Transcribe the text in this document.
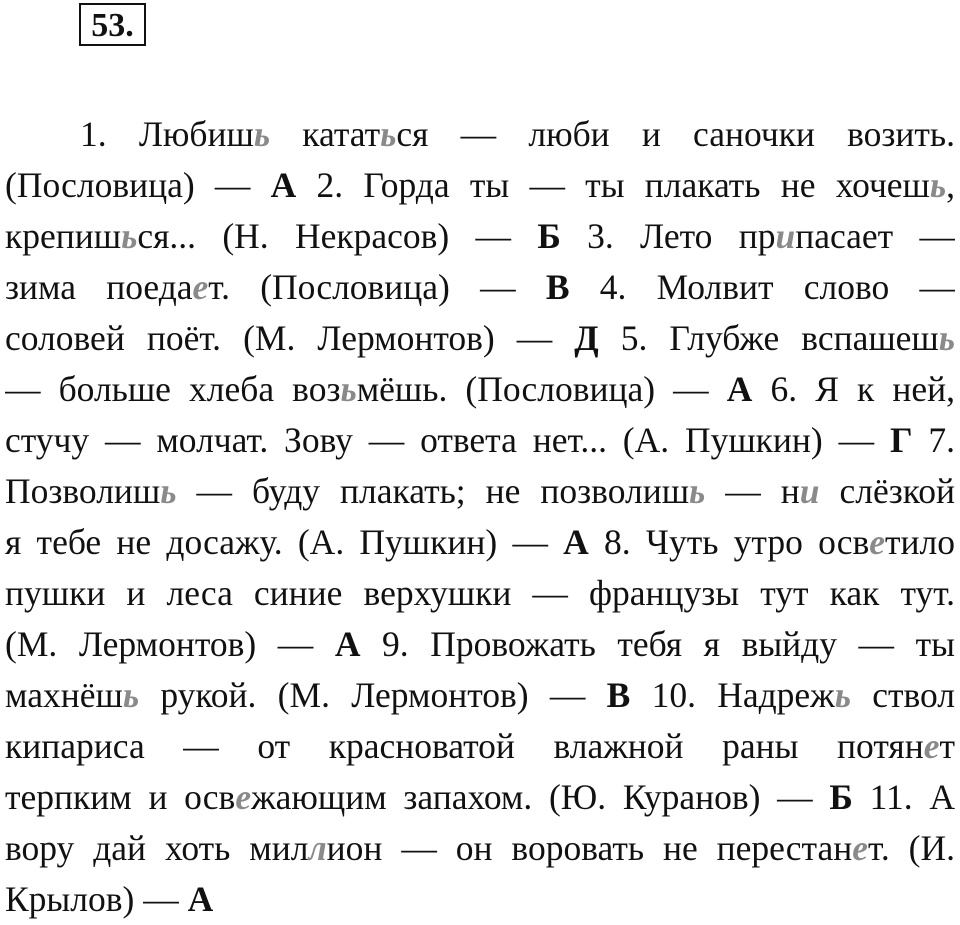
53.
1. Любишь кататься — люби и саночки возить.
(Пословица) — А 2. Горда ты — ты плакать не хочешь,
крепишься... (Н. Некрасов) — Б 3. Лето припасает —
зима поедает. (Пословица) — В 4. Молвит слово —
соловей поёт. (М. Лермонтов) — Д 5. Глубже вспашешь
— больше хлеба возьмёшь. (Пословица) — А 6. Я к ней,
стучу — молчат. Зову — ответа нет... (А. Пушкин) — Г 7.
Позволишь — буду плакать; не позволишь — ни слёзкой
я тебе не досажу. (А. Пушкин) — А 8. Чуть утро осветило
пушки и леса синие верхушки — французы тут как тут.
(М. Лермонтов) — А 9. Провожать тебя я выйду — ты
махнёшь рукой. (М. Лермонтов) — В 10. Надрежь ствол
кипариса — от красноватой влажной раны потянет
терпким и освежающим запахом. (Ю. Куранов) — Б 11. А
вору дай хоть миллион — он воровать не перестанет. (И.
Крылов) — А
